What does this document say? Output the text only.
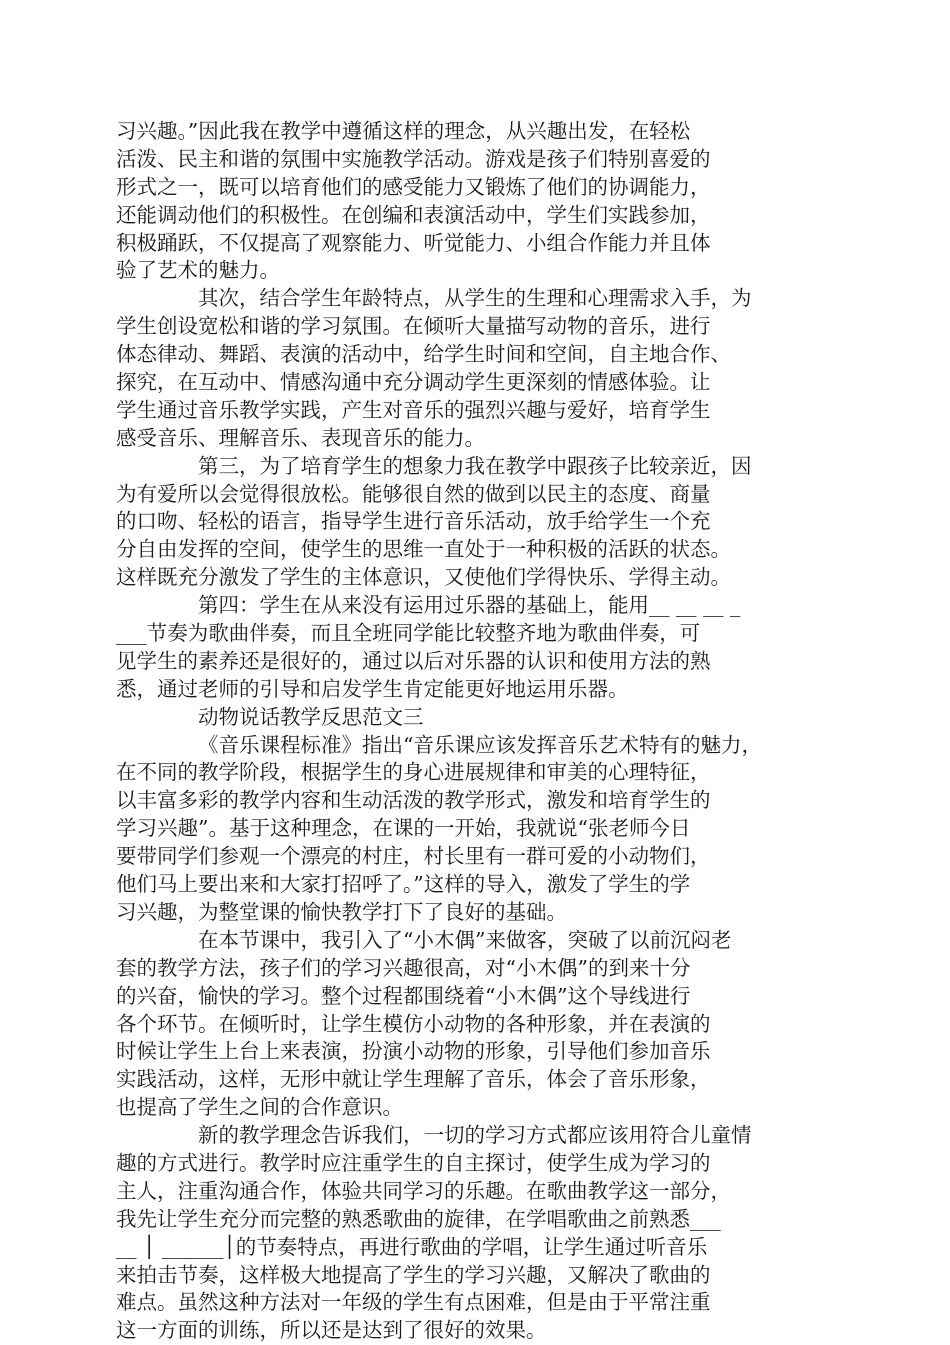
习兴趣。”因此我在教学中遵循这样的理念，从兴趣出发，在轻松
活泼、民主和谐的氛围中实施教学活动。游戏是孩子们特别喜爱的
形式之一，既可以培育他们的感受能力又锻炼了他们的协调能力，
还能调动他们的积极性。在创编和表演活动中，学生们实践参加，
积极踊跃，不仅提高了观察能力、听觉能力、小组合作能力并且体
验了艺术的魅力。
其次，结合学生年龄特点，从学生的生理和心理需求入手，为
学生创设宽松和谐的学习氛围。在倾听大量描写动物的音乐，进行
体态律动、舞蹈、表演的活动中，给学生时间和空间，自主地合作、
探究，在互动中、情感沟通中充分调动学生更深刻的情感体验。让
学生通过音乐教学实践，产生对音乐的强烈兴趣与爱好，培育学生
感受音乐、理解音乐、表现音乐的能力。
第三，为了培育学生的想象力我在教学中跟孩子比较亲近，因
为有爱所以会觉得很放松。能够很自然的做到以民主的态度、商量
的口吻、轻松的语言，指导学生进行音乐活动，放手给学生一个充
分自由发挥的空间，使学生的思维一直处于一种积极的活跃的状态。
这样既充分激发了学生的主体意识，又使他们学得快乐、学得主动。
第四：学生在从来没有运用过乐器的基础上，能用__ __ __ _
___节奏为歌曲伴奏，而且全班同学能比较整齐地为歌曲伴奏，可
见学生的素养还是很好的，通过以后对乐器的认识和使用方法的熟
悉，通过老师的引导和启发学生肯定能更好地运用乐器。
动物说话教学反思范文三
《音乐课程标准》指出“音乐课应该发挥音乐艺术特有的魅力，
在不同的教学阶段，根据学生的身心进展规律和审美的心理特征，
以丰富多彩的教学内容和生动活泼的教学形式，激发和培育学生的
学习兴趣”。基于这种理念，在课的一开始，我就说“张老师今日
要带同学们参观一个漂亮的村庄，村长里有一群可爱的小动物们，
他们马上要出来和大家打招呼了。”这样的导入，激发了学生的学
习兴趣，为整堂课的愉快教学打下了良好的基础。
在本节课中，我引入了“小木偶”来做客，突破了以前沉闷老
套的教学方法，孩子们的学习兴趣很高，对“小木偶”的到来十分
的兴奋，愉快的学习。整个过程都围绕着“小木偶”这个导线进行
各个环节。在倾听时，让学生模仿小动物的各种形象，并在表演的
时候让学生上台上来表演，扮演小动物的形象，引导他们参加音乐
实践活动，这样，无形中就让学生理解了音乐，体会了音乐形象，
也提高了学生之间的合作意识。
新的教学理念告诉我们，一切的学习方式都应该用符合儿童情
趣的方式进行。教学时应注重学生的自主探讨，使学生成为学习的
主人，注重沟通合作，体验共同学习的乐趣。在歌曲教学这一部分，
我先让学生充分而完整的熟悉歌曲的旋律，在学唱歌曲之前熟悉___
__ │ ______│的节奏特点，再进行歌曲的学唱，让学生通过听音乐
来拍击节奏，这样极大地提高了学生的学习兴趣，又解决了歌曲的
难点。虽然这种方法对一年级的学生有点困难，但是由于平常注重
这一方面的训练，所以还是达到了很好的效果。
